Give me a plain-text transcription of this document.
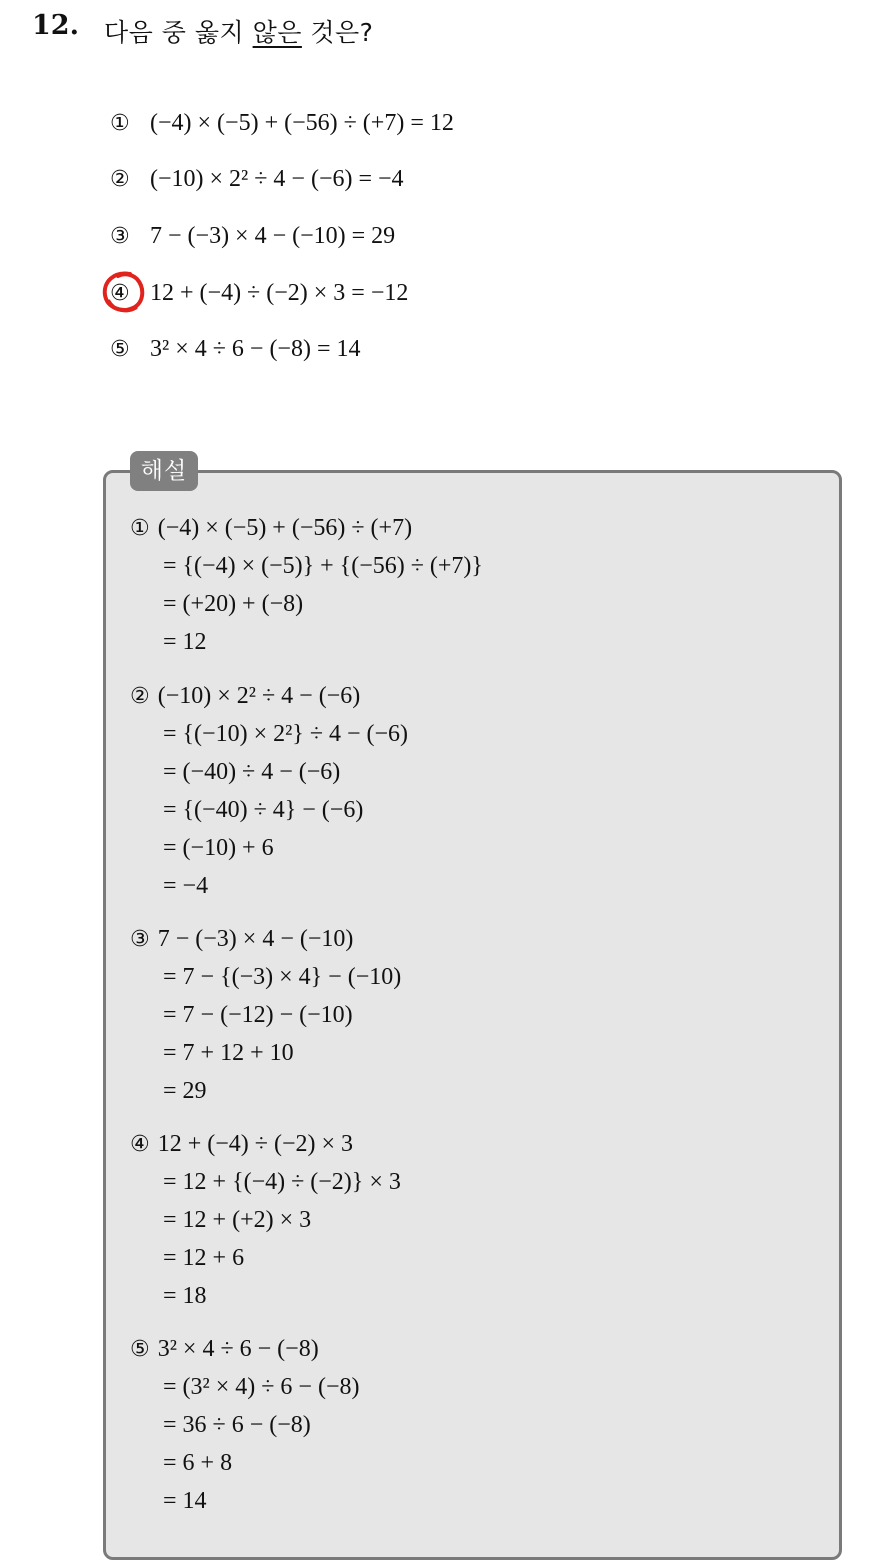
12. 다음 중 옳지 않은 것은?
① (−4) × (−5) + (−56) ÷ (+7) = 12
② (−10) × 2² ÷ 4 − (−6) = −4
③ 7 − (−3) × 4 − (−10) = 29
④ 12 + (−4) ÷ (−2) × 3 = −12
⑤ 3² × 4 ÷ 6 − (−8) = 14
해설
① (−4) × (−5) + (−56) ÷ (+7)
= {(−4) × (−5)} + {(−56) ÷ (+7)}
= (+20) + (−8)
= 12
② (−10) × 2² ÷ 4 − (−6)
= {(−10) × 2²} ÷ 4 − (−6)
= (−40) ÷ 4 − (−6)
= {(−40) ÷ 4} − (−6)
= (−10) + 6
= −4
③ 7 − (−3) × 4 − (−10)
= 7 − {(−3) × 4} − (−10)
= 7 − (−12) − (−10)
= 7 + 12 + 10
= 29
④ 12 + (−4) ÷ (−2) × 3
= 12 + {(−4) ÷ (−2)} × 3
= 12 + (+2) × 3
= 12 + 6
= 18
⑤ 3² × 4 ÷ 6 − (−8)
= (3² × 4) ÷ 6 − (−8)
= 36 ÷ 6 − (−8)
= 6 + 8
= 14
